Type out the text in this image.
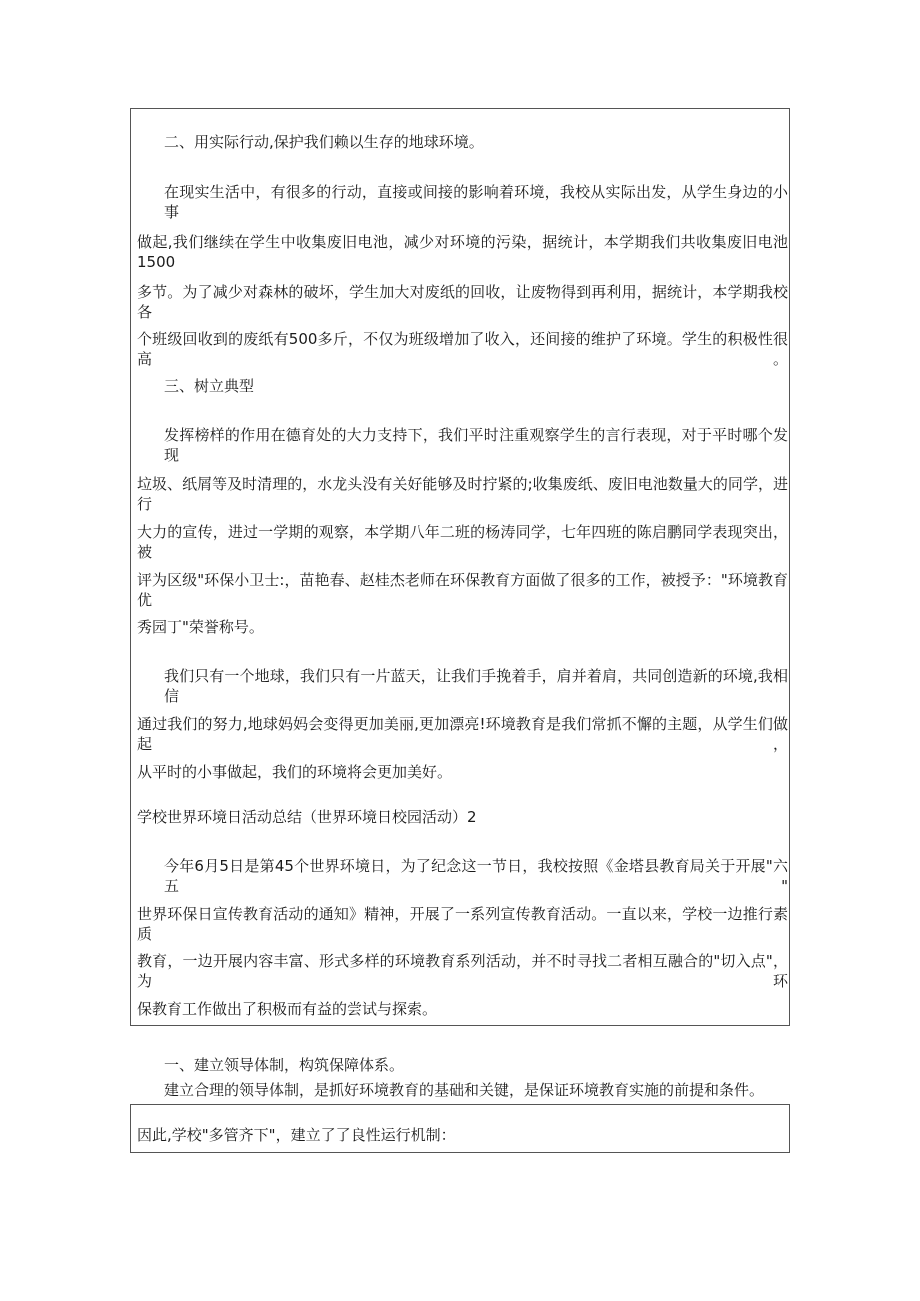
二、用实际行动,保护我们赖以生存的地球环境。
在现实生活中，有很多的行动，直接或间接的影响着环境，我校从实际出发，从学生身边的小事
做起,我们继续在学生中收集废旧电池，减少对环境的污染，据统计，本学期我们共收集废旧电池1500
多节。为了减少对森林的破坏，学生加大对废纸的回收，让废物得到再利用，据统计，本学期我校各
个班级回收到的废纸有500多斤，不仅为班级增加了收入，还间接的维护了环境。学生的积极性很高。
三、树立典型
发挥榜样的作用在德育处的大力支持下，我们平时注重观察学生的言行表现，对于平时哪个发现
垃圾、纸屑等及时清理的，水龙头没有关好能够及时拧紧的;收集废纸、废旧电池数量大的同学，进行
大力的宣传，进过一学期的观察，本学期八年二班的杨涛同学，七年四班的陈启鹏同学表现突出，被
评为区级"环保小卫士:，苗艳春、赵桂杰老师在环保教育方面做了很多的工作，被授予："环境教育优
秀园丁"荣誉称号。
我们只有一个地球，我们只有一片蓝天，让我们手挽着手，肩并着肩，共同创造新的环境,我相信
通过我们的努力,地球妈妈会变得更加美丽,更加漂亮!环境教育是我们常抓不懈的主题，从学生们做起，
从平时的小事做起，我们的环境将会更加美好。
学校世界环境日活动总结（世界环境日校园活动）2
今年6月5日是第45个世界环境日，为了纪念这一节日，我校按照《金塔县教育局关于开展"六五"
世界环保日宣传教育活动的通知》精神，开展了一系列宣传教育活动。一直以来，学校一边推行素质
教育，一边开展内容丰富、形式多样的环境教育系列活动，并不时寻找二者相互融合的"切入点"，为环
保教育工作做出了积极而有益的尝试与探索。
一、建立领导体制，构筑保障体系。
建立合理的领导体制，是抓好环境教育的基础和关键，是保证环境教育实施的前提和条件。
因此,学校"多管齐下"，建立了了良性运行机制：
